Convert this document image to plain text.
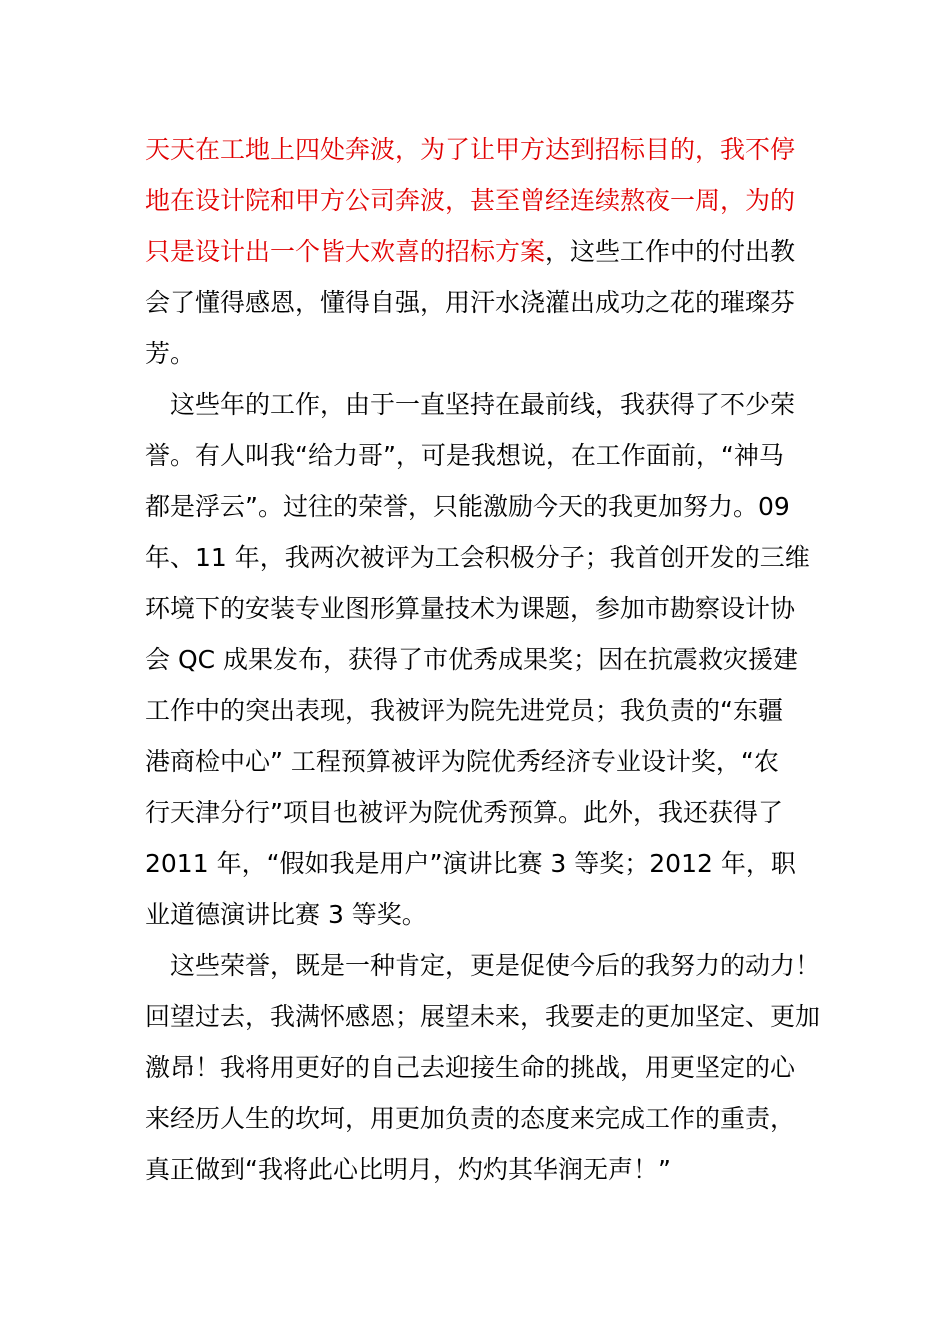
天天在工地上四处奔波，为了让甲方达到招标目的，我不停
地在设计院和甲方公司奔波，甚至曾经连续熬夜一周，为的
只是设计出一个皆大欢喜的招标方案，这些工作中的付出教
会了懂得感恩，懂得自强，用汗水浇灌出成功之花的璀璨芬
芳。
　这些年的工作，由于一直坚持在最前线，我获得了不少荣
誉。有人叫我“给力哥”，可是我想说，在工作面前，“神马
都是浮云”。过往的荣誉，只能激励今天的我更加努力。09
年、11 年，我两次被评为工会积极分子；我首创开发的三维
环境下的安装专业图形算量技术为课题，参加市勘察设计协
会 QC 成果发布，获得了市优秀成果奖；因在抗震救灾援建
工作中的突出表现，我被评为院先进党员；我负责的“东疆
港商检中心” 工程预算被评为院优秀经济专业设计奖，“农
行天津分行”项目也被评为院优秀预算。此外，我还获得了
2011 年，“假如我是用户”演讲比赛 3 等奖；2012 年，职
业道德演讲比赛 3 等奖。
　这些荣誉，既是一种肯定，更是促使今后的我努力的动力！
回望过去，我满怀感恩；展望未来，我要走的更加坚定、更加
激昂！我将用更好的自己去迎接生命的挑战，用更坚定的心
来经历人生的坎坷，用更加负责的态度来完成工作的重责，
真正做到“我将此心比明月，灼灼其华润无声！”
